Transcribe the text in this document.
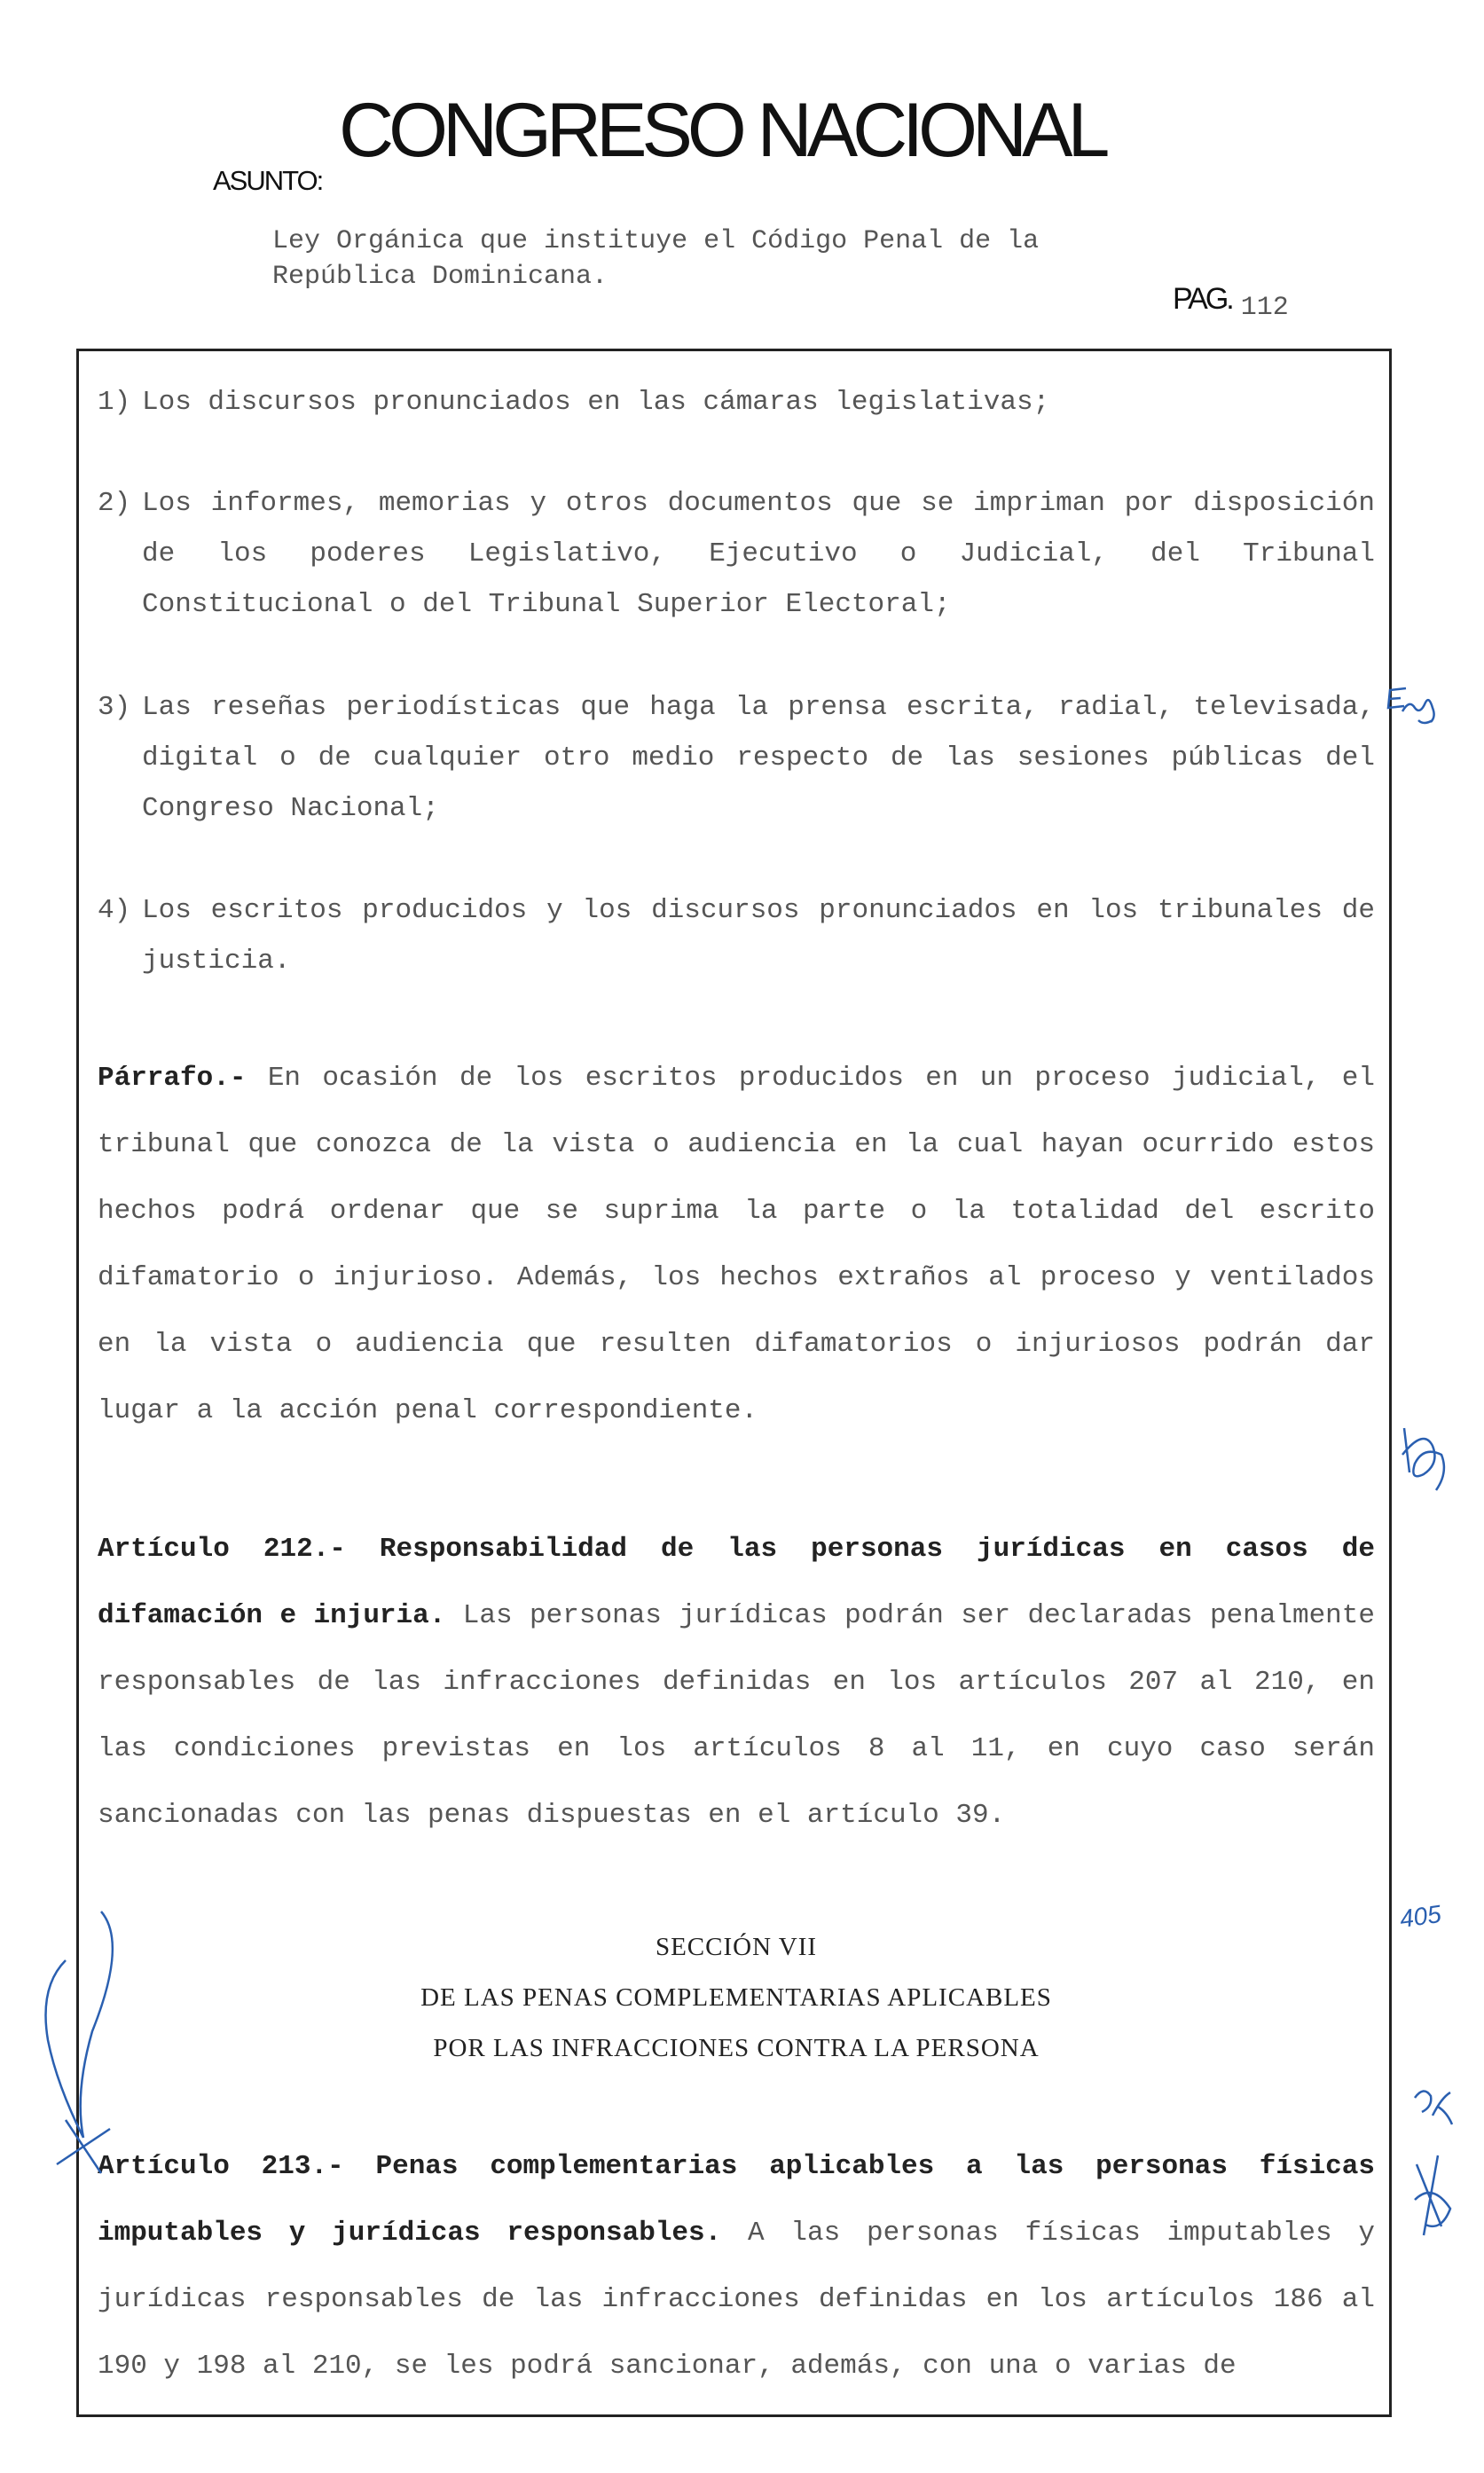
CONGRESO NACIONAL
ASUNTO:
Ley Orgánica que instituye el Código Penal de la
República Dominicana.
PAG. 112
1) Los discursos pronunciados en las cámaras legislativas;
2) Los informes, memorias y otros documentos que se impriman por disposición de los poderes Legislativo, Ejecutivo o Judicial, del Tribunal Constitucional o del Tribunal Superior Electoral;
3) Las reseñas periodísticas que haga la prensa escrita, radial, televisada, digital o de cualquier otro medio respecto de las sesiones públicas del Congreso Nacional;
4) Los escritos producidos y los discursos pronunciados en los tribunales de justicia.
Párrafo.- En ocasión de los escritos producidos en un proceso judicial, el tribunal que conozca de la vista o audiencia en la cual hayan ocurrido estos hechos podrá ordenar que se suprima la parte o la totalidad del escrito difamatorio o injurioso. Además, los hechos extraños al proceso y ventilados en la vista o audiencia que resulten difamatorios o injuriosos podrán dar lugar a la acción penal correspondiente.
Artículo 212.- Responsabilidad de las personas jurídicas en casos de difamación e injuria. Las personas jurídicas podrán ser declaradas penalmente responsables de las infracciones definidas en los artículos 207 al 210, en las condiciones previstas en los artículos 8 al 11, en cuyo caso serán sancionadas con las penas dispuestas en el artículo 39.
SECCIÓN VII
DE LAS PENAS COMPLEMENTARIAS APLICABLES
POR LAS INFRACCIONES CONTRA LA PERSONA
Artículo 213.- Penas complementarias aplicables a las personas físicas imputables y jurídicas responsables. A las personas físicas imputables y jurídicas responsables de las infracciones definidas en los artículos 186 al 190 y 198 al 210, se les podrá sancionar, además, con una o varias de
405
